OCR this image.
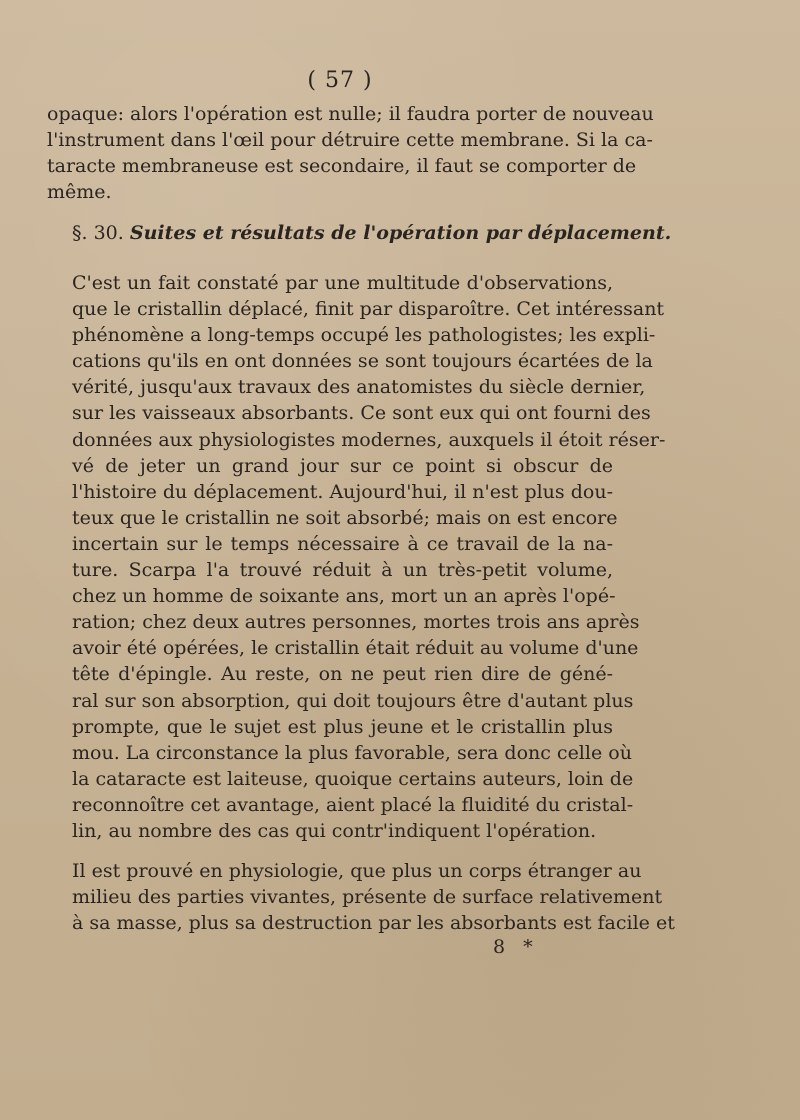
( 57 )
opaque: alors l'opération est nulle; il faudra porter de nouveau
l'instrument dans l'œil pour détruire cette membrane. Si la ca-
taracte membraneuse est secondaire, il faut se comporter de
même.
§. 30. Suites et résultats de l'opération par déplacement.
C'est un fait constaté par une multitude d'observations,
que le cristallin déplacé, finit par disparoître. Cet intéressant
phénomène a long-temps occupé les pathologistes; les expli-
cations qu'ils en ont données se sont toujours écartées de la
vérité, jusqu'aux travaux des anatomistes du siècle dernier,
sur les vaisseaux absorbants. Ce sont eux qui ont fourni des
données aux physiologistes modernes, auxquels il étoit réser-
vé de jeter un grand jour sur ce point si obscur de
l'histoire du déplacement. Aujourd'hui, il n'est plus dou-
teux que le cristallin ne soit absorbé; mais on est encore
incertain sur le temps nécessaire à ce travail de la na-
ture. Scarpa l'a trouvé réduit à un très-petit volume,
chez un homme de soixante ans, mort un an après l'opé-
ration; chez deux autres personnes, mortes trois ans après
avoir été opérées, le cristallin était réduit au volume d'une
tête d'épingle. Au reste, on ne peut rien dire de géné-
ral sur son absorption, qui doit toujours être d'autant plus
prompte, que le sujet est plus jeune et le cristallin plus
mou. La circonstance la plus favorable, sera donc celle où
la cataracte est laiteuse, quoique certains auteurs, loin de
reconnoître cet avantage, aient placé la fluidité du cristal-
lin, au nombre des cas qui contr'indiquent l'opération.
Il est prouvé en physiologie, que plus un corps étranger au
milieu des parties vivantes, présente de surface relativement
à sa masse, plus sa destruction par les absorbants est facile et
8 *
